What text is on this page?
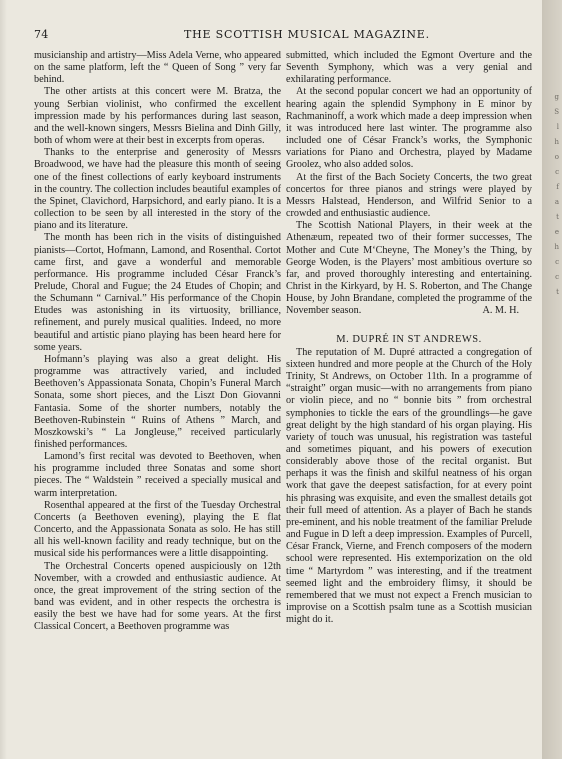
74	THE SCOTTISH MUSICAL MAGAZINE.

musicianship and artistry—Miss Adela Verne, who appeared on the same platform, left the “ Queen of Song ” very far behind.

The other artists at this concert were M. Bratza, the young Serbian violinist, who confirmed the excellent impression made by his performances during last season, and the well-known singers, Messrs Bielina and Dinh Gilly, both of whom were at their best in excerpts from operas.

Thanks to the enterprise and generosity of Messrs Broadwood, we have had the pleasure this month of seeing one of the finest collections of early keyboard instruments in the country. The collection includes beautiful examples of the Spinet, Clavichord, Harpsichord, and early piano. It is a collection to be seen by all interested in the story of the piano and its literature.

The month has been rich in the visits of distinguished pianists—Cortot, Hofmann, Lamond, and Rosenthal. Cortot came first, and gave a wonderful and memorable performance. His programme included César Franck’s Prelude, Choral and Fugue; the 24 Etudes of Chopin; and the Schumann “ Carnival.” His performance of the Chopin Etudes was astonishing in its virtuosity, brilliance, refinement, and purely musical qualities. Indeed, no more beautiful and artistic piano playing has been heard here for some years.

Hofmann’s playing was also a great delight. His programme was attractively varied, and included Beethoven’s Appassionata Sonata, Chopin’s Funeral March Sonata, some short pieces, and the Liszt Don Giovanni Fantasia. Some of the shorter numbers, notably the Beethoven-Rubinstein “ Ruins of Athens ” March, and Moszkowski’s “ La Jongleuse,” received particularly finished performances.

Lamond’s first recital was devoted to Beethoven, when his programme included three Sonatas and some short pieces. The “ Waldstein ” received a specially musical and warm interpretation.

Rosenthal appeared at the first of the Tuesday Orchestral Concerts (a Beethoven evening), playing the E flat Concerto, and the Appassionata Sonata as solo. He has still all his well-known facility and ready technique, but on the musical side his performances were a little disappointing.

The Orchestral Concerts opened auspiciously on 12th November, with a crowded and enthusiastic audience. At once, the great improvement of the string section of the band was evident, and in other respects the orchestra is easily the best we have had for some years. At the first Classical Concert, a Beethoven programme was

submitted, which included the Egmont Overture and the Seventh Symphony, which was a very genial and exhilarating performance.

At the second popular concert we had an opportunity of hearing again the splendid Symphony in E minor by Rachmaninoff, a work which made a deep impression when it was introduced here last winter. The programme also included one of César Franck’s works, the Symphonic variations for Piano and Orchestra, played by Madame Groolez, who also added solos.

At the first of the Bach Society Concerts, the two great concertos for three pianos and strings were played by Messrs Halstead, Henderson, and Wilfrid Senior to a crowded and enthusiastic audience.

The Scottish National Players, in their week at the Athenæum, repeated two of their former successes, The Mother and Cute M‘Cheyne, The Money’s the Thing, by George Woden, is the Players’ most ambitious overture so far, and proved thoroughly interesting and entertaining. Christ in the Kirkyard, by H. S. Roberton, and The Change House, by John Brandane, completed the programme of the November season.	A. M. H.
M. DUPRÉ IN ST ANDREWS.

The reputation of M. Dupré attracted a congregation of sixteen hundred and more people at the Church of the Holy Trinity, St Andrews, on October 11th. In a programme of “straight” organ music—with no arrangements from piano or violin piece, and no “ bonnie bits ” from orchestral symphonies to tickle the ears of the groundlings—he gave great delight by the high standard of his organ playing. His variety of touch was unusual, his registration was tasteful and sometimes piquant, and his powers of execution considerably above those of the recital organist. But perhaps it was the finish and skilful neatness of his organ work that gave the deepest satisfaction, for at every point his phrasing was exquisite, and even the smallest details got their full meed of attention. As a player of Bach he stands pre-eminent, and his noble treatment of the familiar Prelude and Fugue in D left a deep impression. Examples of Purcell, César Franck, Vierne, and French composers of the modern school were represented. His extemporization on the old time “ Martyrdom ” was interesting, and if the treatment seemed light and the embroidery flimsy, it should be remembered that we must not expect a French musician to improvise on a Scottish psalm tune as a Scottish musician might do it.

g
S
l
h
o
c
f
a
t
e
h
c
c
t
